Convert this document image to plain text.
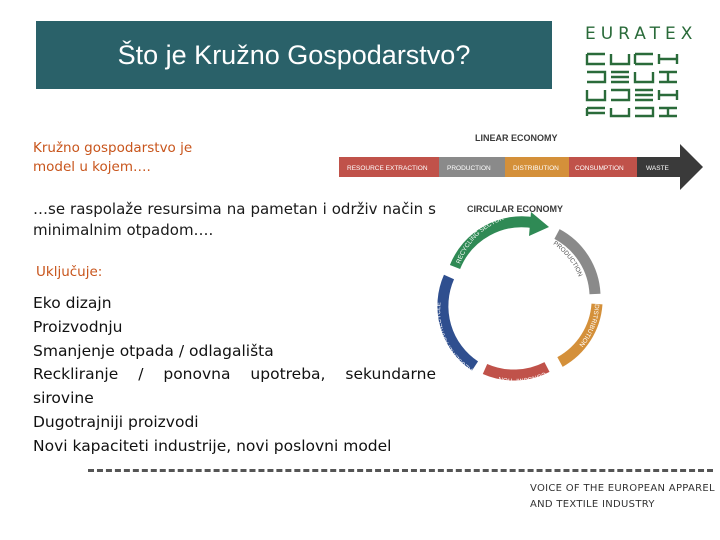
Što je Kružno Gospodarstvo?
EURATEX
Kružno gospodarstvo je model u kojem….
…se raspolaže resursima na pametan i održiv način s minimalnim otpadom….
Uključuje:
Eko dizajn
Proizvodnju
Smanjenje otpada / odlagališta
Reckliranje / ponovna upotreba, sekundarne sirovine
Dugotrajniji proizvodi
Novi kapaciteti industrije, novi poslovni model
LINEAR ECONOMY
RESOURCE EXTRACTION	PRODUCTION	DISTRIBUTION CONSUMPTION	WASTE
CIRCULAR ECONOMY
RECYCLING SECTOR
PRODUCTION
DISTRIBUTION
CONSUMPTION
REUSE/REPAIR/RECYCLE
VOICE OF THE EUROPEAN APPAREL
AND TEXTILE INDUSTRY
